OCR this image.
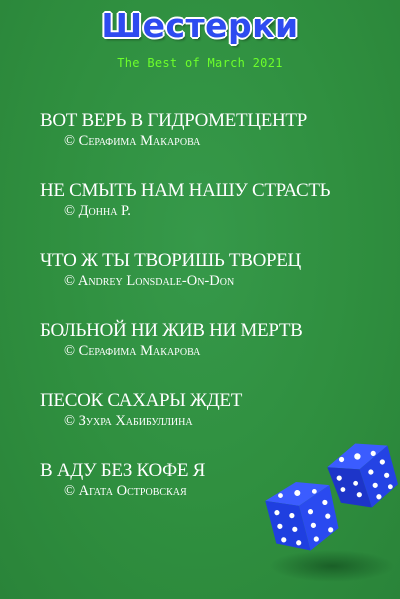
Шестерки
The Best of March 2021
ВОТ ВЕРЬ В ГИДРОМЕТЦЕНТР
© Серафима Макарова
НЕ СМЫТЬ НАМ НАШУ СТРАСТЬ
© Донна Р.
ЧТО Ж ТЫ ТВОРИШЬ ТВОРЕЦ
© Andrey Lonsdale-On-Don
БОЛЬНОЙ НИ ЖИВ НИ МЕРТВ
© Серафима Макарова
ПЕСОК САХАРЫ ЖДЕТ
© Зухра Хабибуллина
В АДУ БЕЗ КОФЕ Я
© Агата Островская
